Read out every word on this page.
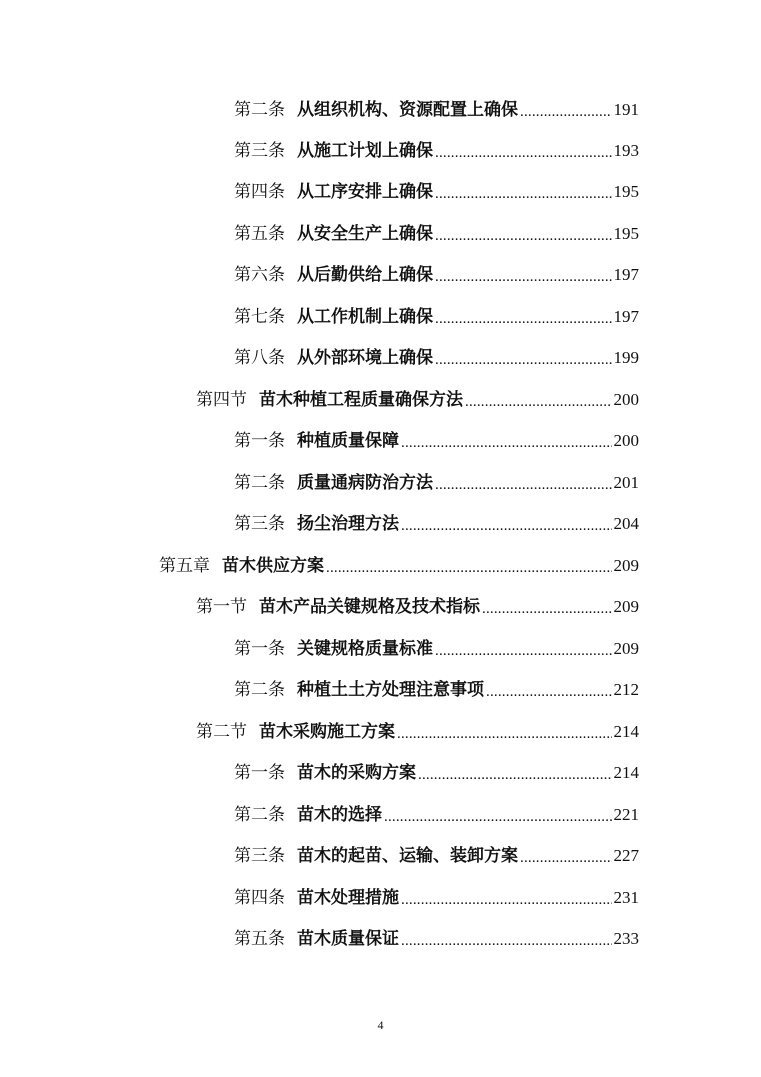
第二条 从组织机构、资源配置上确保 .....	191
第三条 从施工计划上确保 .....	193
第四条 从工序安排上确保 .....	195
第五条 从安全生产上确保 .....	195
第六条 从后勤供给上确保 .....	197
第七条 从工作机制上确保 .....	197
第八条 从外部环境上确保 .....	199
第四节 苗木种植工程质量确保方法 .....	200
第一条 种植质量保障 .....	200
第二条 质量通病防治方法 .....	201
第三条 扬尘治理方法 .....	204
第五章 苗木供应方案 .....	209
第一节 苗木产品关键规格及技术指标 .....	209
第一条 关键规格质量标准 .....	209
第二条 种植土土方处理注意事项 .....	212
第二节 苗木采购施工方案 .....	214
第一条 苗木的采购方案 .....	214
第二条 苗木的选择 .....	221
第三条 苗木的起苗、运输、装卸方案 .....	227
第四条 苗木处理措施 .....	231
第五条 苗木质量保证 .....	233
4
